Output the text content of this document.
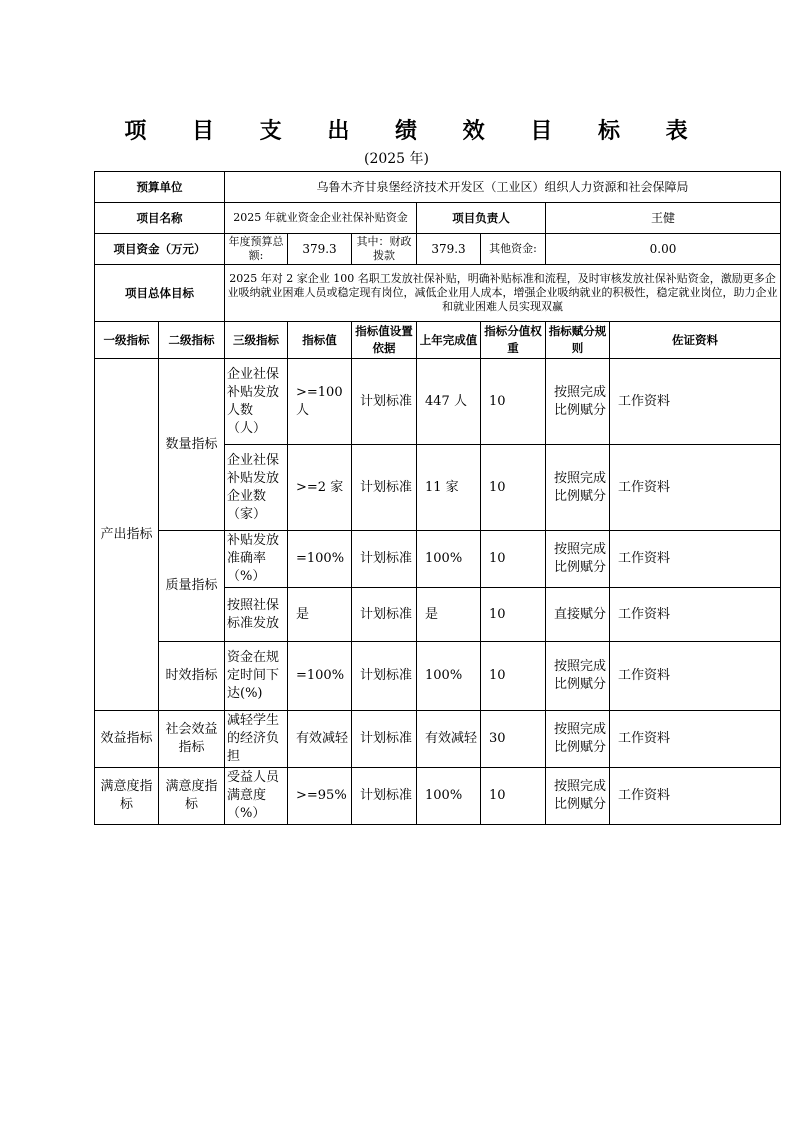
项 目 支 出 绩 效 目 标 表
(2025 年)
预算单位		乌鲁木齐甘泉堡经济技术开发区（工业区）组织人力资源和社会保障局						
项目名称		2025 年就业资金企业社保补贴资金			项目负责人		王健	
项目资金（万元）		年度预算总额:	379.3	其中：财政拨款	379.3	其他资金:	0.00	
项目总体目标		2025 年对 2 家企业 100 名职工发放社保补贴，明确补贴标准和流程，及时审核发放社保补贴资金，激励更多企业吸纳就业困难人员或稳定现有岗位，减低企业用人成本，增强企业吸纳就业的积极性，稳定就业岗位，助力企业和就业困难人员实现双赢						
一级指标	二级指标	三级指标	指标值	指标值设置依据	上年完成值	指标分值权重	指标赋分规则	佐证资料
产出指标	数量指标	企业社保补贴发放人数（人）	>=100 人	计划标准	447 人	10	按照完成比例赋分	工作资料
		企业社保补贴发放企业数（家）	>=2 家	计划标准	11 家	10	按照完成比例赋分	工作资料
	质量指标	补贴发放准确率（%）	=100%	计划标准	100%	10	按照完成比例赋分	工作资料
		按照社保标准发放	是	计划标准	是	10	直接赋分	工作资料
	时效指标	资金在规定时间下达(%)	=100%	计划标准	100%	10	按照完成比例赋分	工作资料
效益指标	社会效益指标	减轻学生的经济负担	有效减轻	计划标准	有效减轻	30	按照完成比例赋分	工作资料
满意度指标	满意度指标	受益人员满意度（%）	>=95%	计划标准	100%	10	按照完成比例赋分	工作资料
